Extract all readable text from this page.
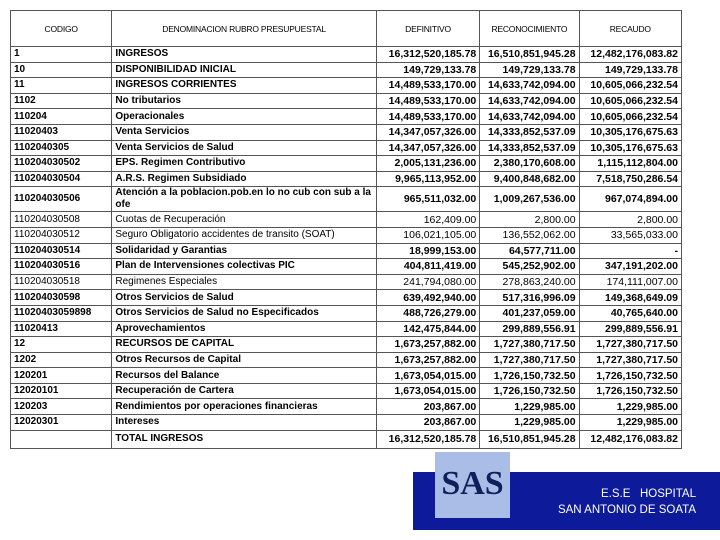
CODIGO	DENOMINACION RUBRO PRESUPUESTAL	DEFINITIVO	RECONOCIMIENTO	RECAUDO
1	INGRESOS	16,312,520,185.78	16,510,851,945.28	12,482,176,083.82
10	DISPONIBILIDAD INICIAL	149,729,133.78	149,729,133.78	149,729,133.78
11	INGRESOS CORRIENTES	14,489,533,170.00	14,633,742,094.00	10,605,066,232.54
1102	No tributarios	14,489,533,170.00	14,633,742,094.00	10,605,066,232.54
110204	Operacionales	14,489,533,170.00	14,633,742,094.00	10,605,066,232.54
11020403	Venta Servicios	14,347,057,326.00	14,333,852,537.09	10,305,176,675.63
1102040305	Venta Servicios de Salud	14,347,057,326.00	14,333,852,537.09	10,305,176,675.63
110204030502	EPS. Regimen Contributivo	2,005,131,236.00	2,380,170,608.00	1,115,112,804.00
110204030504	A.R.S. Regimen Subsidiado	9,965,113,952.00	9,400,848,682.00	7,518,750,286.54
110204030506	Atención a la poblacion.pob.en lo no cub con sub a la ofe	965,511,032.00	1,009,267,536.00	967,074,894.00
110204030508	Cuotas de Recuperación	162,409.00	2,800.00	2,800.00
110204030512	Seguro Obligatorio accidentes de transito (SOAT)	106,021,105.00	136,552,062.00	33,565,033.00
110204030514	Solidaridad y Garantias	18,999,153.00	64,577,711.00	-
110204030516	Plan de Intervensiones colectivas PIC	404,811,419.00	545,252,902.00	347,191,202.00
110204030518	Regimenes Especiales	241,794,080.00	278,863,240.00	174,111,007.00
110204030598	Otros Servicios de Salud	639,492,940.00	517,316,996.09	149,368,649.09
11020403059898	Otros Servicios de Salud no Especificados	488,726,279.00	401,237,059.00	40,765,640.00
11020413	Aprovechamientos	142,475,844.00	299,889,556.91	299,889,556.91
12	RECURSOS DE CAPITAL	1,673,257,882.00	1,727,380,717.50	1,727,380,717.50
1202	Otros Recursos de Capital	1,673,257,882.00	1,727,380,717.50	1,727,380,717.50
120201	Recursos del Balance	1,673,054,015.00	1,726,150,732.50	1,726,150,732.50
12020101	Recuperación de Cartera	1,673,054,015.00	1,726,150,732.50	1,726,150,732.50
120203	Rendimientos por operaciones financieras	203,867.00	1,229,985.00	1,229,985.00
12020301	Intereses	203,867.00	1,229,985.00	1,229,985.00
	TOTAL INGRESOS	16,312,520,185.78	16,510,851,945.28	12,482,176,083.82
SAS	E.S.E   HOSPITAL
SAN ANTONIO DE SOATA
